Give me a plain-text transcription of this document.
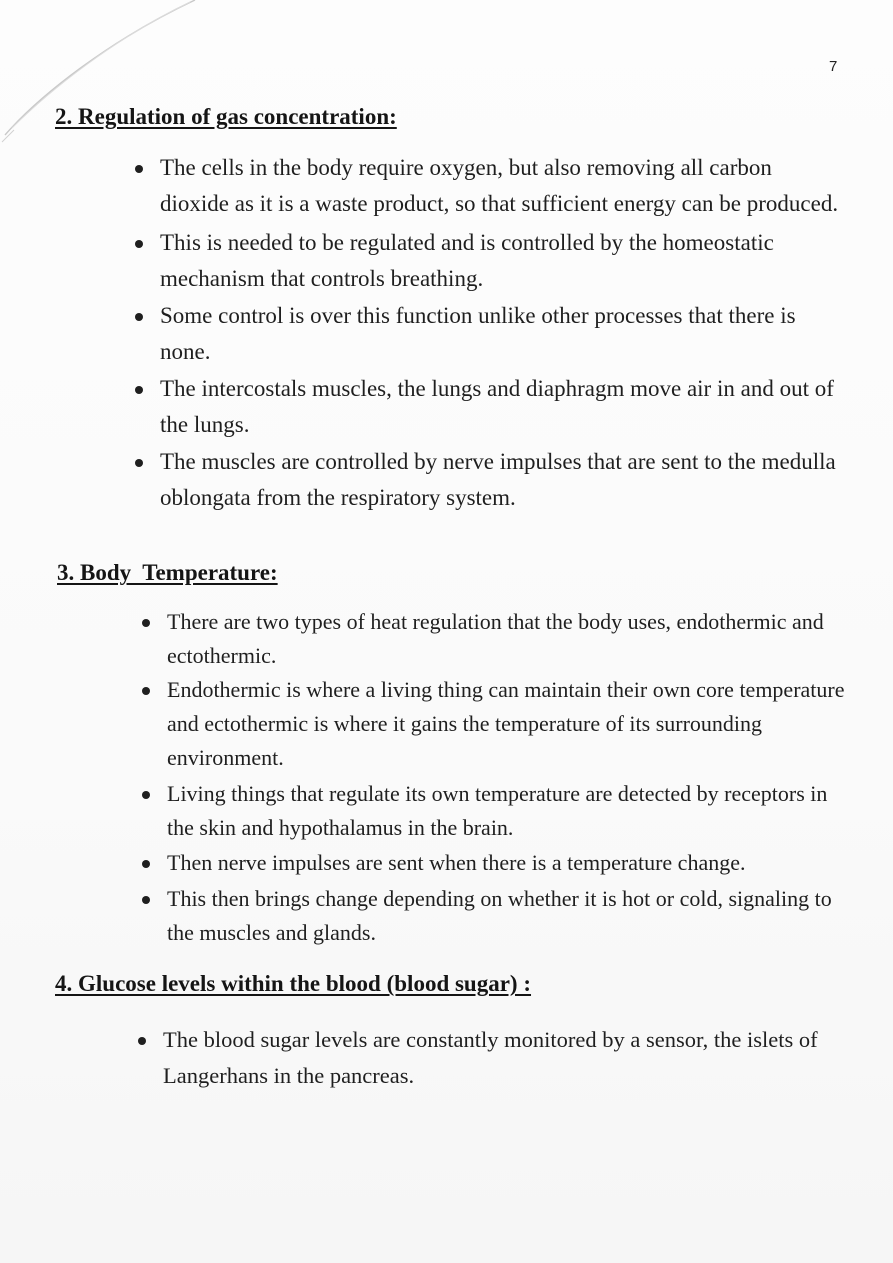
7
2. Regulation of gas concentration:
The cells in the body require oxygen, but also removing all carbon dioxide as it is a waste product, so that sufficient energy can be produced.
This is needed to be regulated and is controlled by the homeostatic mechanism that controls breathing.
Some control is over this function unlike other processes that there is none.
The intercostals muscles, the lungs and diaphragm move air in and out of the lungs.
The muscles are controlled by nerve impulses that are sent to the medulla oblongata from the respiratory system.
3. Body  Temperature:
There are two types of heat regulation that the body uses, endothermic and ectothermic.
Endothermic is where a living thing can maintain their own core temperature and ectothermic is where it gains the temperature of its surrounding environment.
Living things that regulate its own temperature are detected by receptors in the skin and hypothalamus in the brain.
Then nerve impulses are sent when there is a temperature change.
This then brings change depending on whether it is hot or cold, signaling to the muscles and glands.
4. Glucose levels within the blood (blood sugar) :
The blood sugar levels are constantly monitored by a sensor, the islets of Langerhans in the pancreas.
